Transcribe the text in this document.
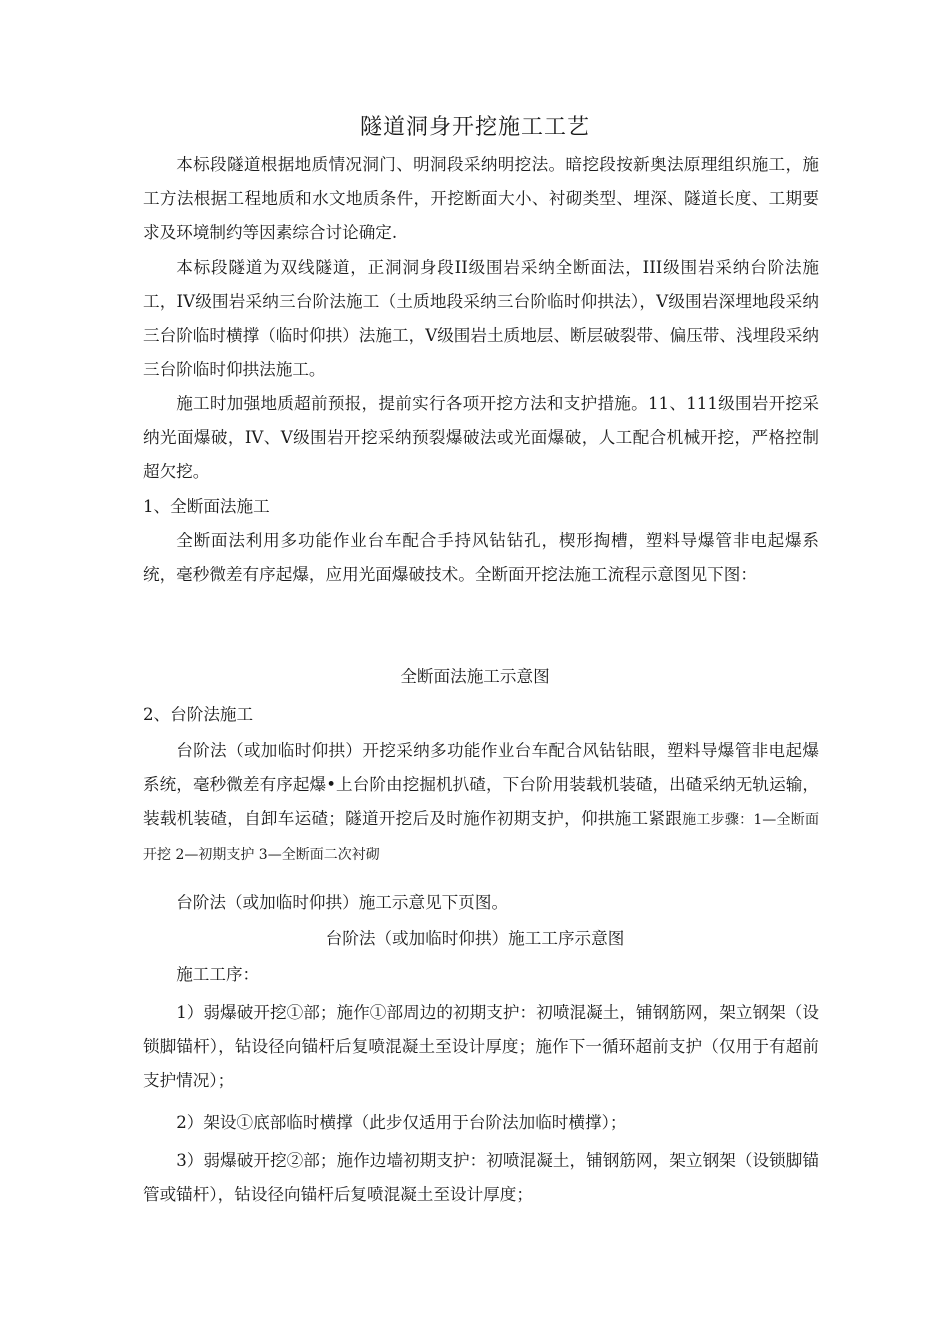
隧道洞身开挖施工工艺

本标段隧道根据地质情况洞门、明洞段采纳明挖法。暗挖段按新奥法原理组织施工，施工方法根据工程地质和水文地质条件，开挖断面大小、衬砌类型、埋深、隧道长度、工期要求及环境制约等因素综合讨论确定.

本标段隧道为双线隧道，正洞洞身段II级围岩采纳全断面法，III级围岩采纳台阶法施工，IV级围岩采纳三台阶法施工（土质地段采纳三台阶临时仰拱法），V级围岩深埋地段采纳三台阶临时横撑（临时仰拱）法施工，V级围岩土质地层、断层破裂带、偏压带、浅埋段采纳三台阶临时仰拱法施工。

施工时加强地质超前预报，提前实行各项开挖方法和支护措施。11、111级围岩开挖采纳光面爆破，IV、V级围岩开挖采纳预裂爆破法或光面爆破，人工配合机械开挖，严格控制超欠挖。

1、全断面法施工

全断面法利用多功能作业台车配合手持风钻钻孔，楔形掏槽，塑料导爆管非电起爆系统，毫秒微差有序起爆，应用光面爆破技术。全断面开挖法施工流程示意图见下图：

全断面法施工示意图
2、台阶法施工

台阶法（或加临时仰拱）开挖采纳多功能作业台车配合风钻钻眼，塑料导爆管非电起爆系统，毫秒微差有序起爆•上台阶由挖掘机扒碴，下台阶用装载机装碴，出碴采纳无轨运输，装载机装碴，自卸车运碴；隧道开挖后及时施作初期支护，仰拱施工紧跟施工步骤：1—全断面开挖 2—初期支护 3—全断面二次衬砌

台阶法（或加临时仰拱）施工示意见下页图。

台阶法（或加临时仰拱）施工工序示意图

施工工序：

1）弱爆破开挖①部；施作①部周边的初期支护：初喷混凝土，铺钢筋网，架立钢架（设锁脚锚杆），钻设径向锚杆后复喷混凝土至设计厚度；施作下一循环超前支护（仅用于有超前支护情况）；

2）架设①底部临时横撑（此步仅适用于台阶法加临时横撑）；

3）弱爆破开挖②部；施作边墙初期支护：初喷混凝土，铺钢筋网，架立钢架（设锁脚锚管或锚杆），钻设径向锚杆后复喷混凝土至设计厚度；
